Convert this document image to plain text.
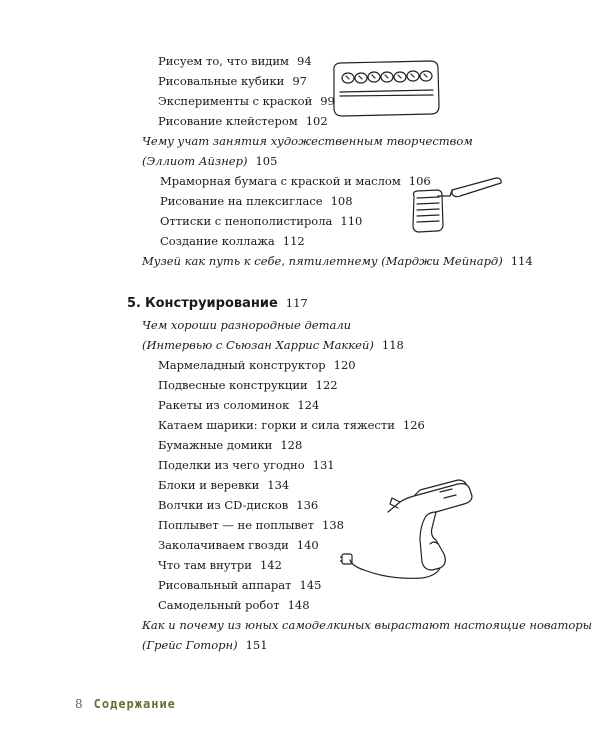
Рисуем то, что видим 94
Рисовальные кубики 97
Эксперименты с краской 99
Рисование клейстером 102
Чему учат занятия художественным творчеством
(Эллиот Айзнер) 105
Мраморная бумага с краской и маслом 106
Рисование на плексигласе 108
Оттиски с пенополистирола 110
Создание коллажа 112
Музей как путь к себе, пятилетнему (Марджи Мейнард) 114
5. Конструирование 117
Чем хороши разнородные детали
(Интервью с Сьюзан Харрис Маккей) 118
Мармеладный конструктор 120
Подвесные конструкции 122
Ракеты из соломинок 124
Катаем шарики: горки и сила тяжести 126
Бумажные домики 128
Поделки из чего угодно 131
Блоки и веревки 134
Волчки из CD-дисков 136
Поплывет — не поплывет 138
Заколачиваем гвозди 140
Что там внутри 142
Рисовальный аппарат 145
Самодельный робот 148
Как и почему из юных самоделкиных вырастают настоящие новаторы
(Грейс Готорн) 151
8 Содержание
